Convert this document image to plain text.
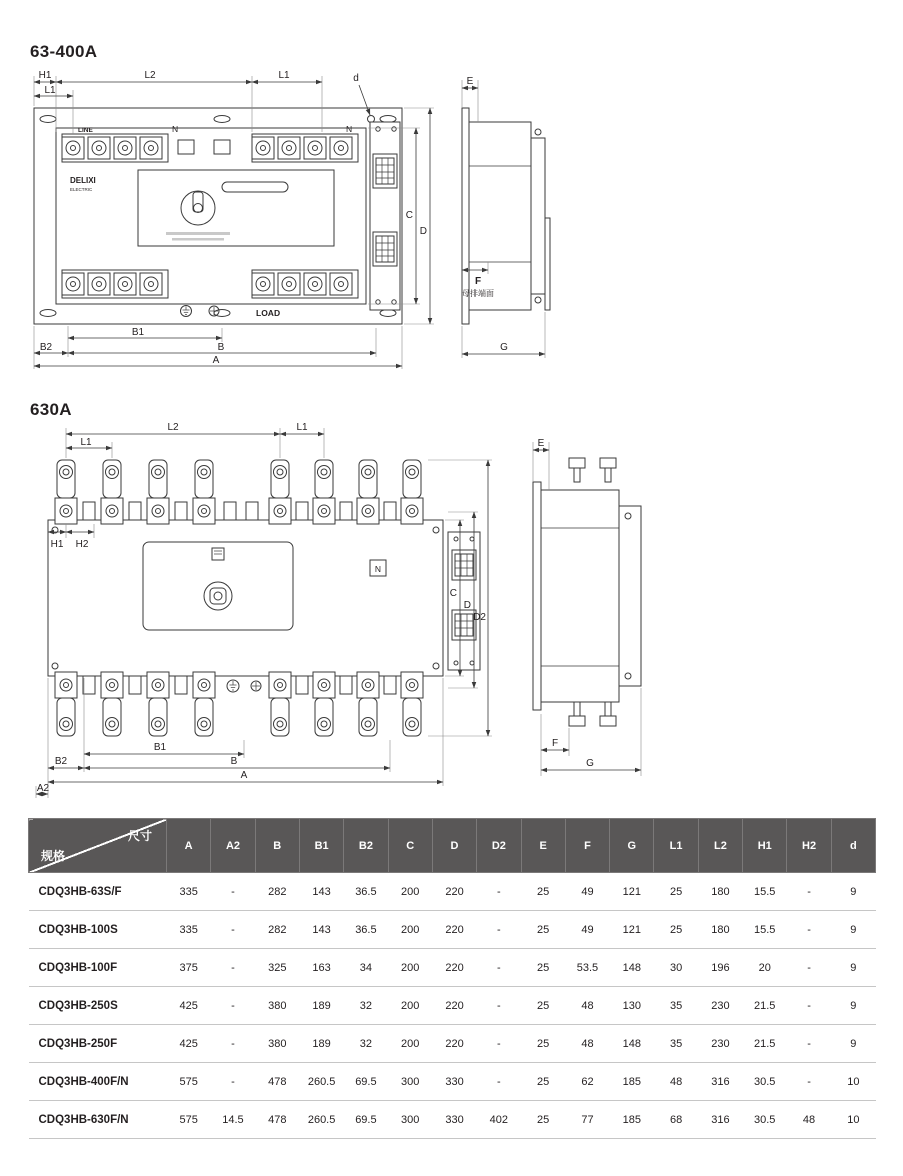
63-400A
LINE	N	N
DELIXI
ELECTRIC
LOAD
H1	L2	L1
L1
d
B1
B2	B
A
C
D
E
F
母排端面
G
630A
N
L2	L1
L1
H1 H2
B1
B2	B
A
A2
C
D
D2
E
F
G
尺寸
规格	A	A2	B	B1	B2	C	D	D2	E	F	G	L1	L2	H1	H2	d
CDQ3HB-63S/F	335	-	282	143	36.5	200	220	-	25	49	121	25	180	15.5	-	9
CDQ3HB-100S	335	-	282	143	36.5	200	220	-	25	49	121	25	180	15.5	-	9
CDQ3HB-100F	375	-	325	163	34	200	220	-	25	53.5	148	30	196	20	-	9
CDQ3HB-250S	425	-	380	189	32	200	220	-	25	48	130	35	230	21.5	-	9
CDQ3HB-250F	425	-	380	189	32	200	220	-	25	48	148	35	230	21.5	-	9
CDQ3HB-400F/N	575	-	478	260.5	69.5	300	330	-	25	62	185	48	316	30.5	-	10
CDQ3HB-630F/N	575	14.5	478	260.5	69.5	300	330	402	25	77	185	68	316	30.5	48	10
